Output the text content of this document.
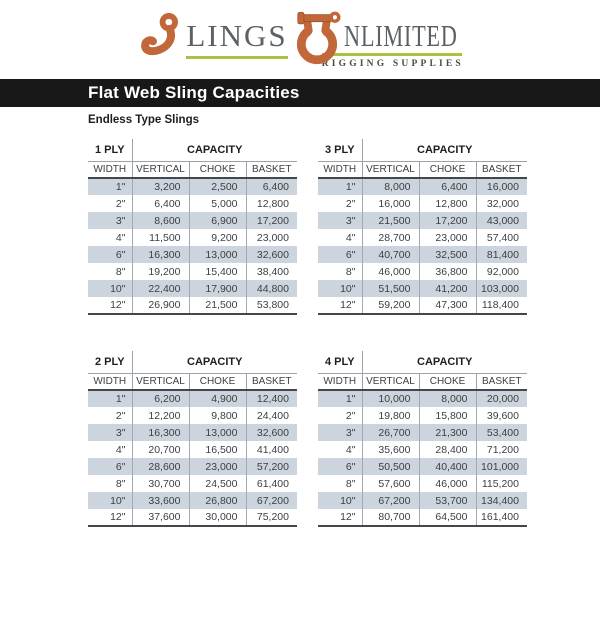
LINGS NLIMITED
RIGGING SUPPLIES
Flat Web Sling Capacities
Endless Type Slings
1 PLY	CAPACITY		
WIDTH	VERTICAL	CHOKE	BASKET
1"	3,200	2,500	6,400
2"	6,400	5,000	12,800
3"	8,600	6,900	17,200
4"	11,500	9,200	23,000
6"	16,300	13,000	32,600
8"	19,200	15,400	38,400
10"	22,400	17,900	44,800
12"	26,900	21,500	53,800
3 PLY	CAPACITY		
WIDTH	VERTICAL	CHOKE	BASKET
1"	8,000	6,400	16,000
2"	16,000	12,800	32,000
3"	21,500	17,200	43,000
4"	28,700	23,000	57,400
6"	40,700	32,500	81,400
8"	46,000	36,800	92,000
10"	51,500	41,200	103,000
12"	59,200	47,300	118,400
2 PLY	CAPACITY		
WIDTH	VERTICAL	CHOKE	BASKET
1"	6,200	4,900	12,400
2"	12,200	9,800	24,400
3"	16,300	13,000	32,600
4"	20,700	16,500	41,400
6"	28,600	23,000	57,200
8"	30,700	24,500	61,400
10"	33,600	26,800	67,200
12"	37,600	30,000	75,200
4 PLY	CAPACITY		
WIDTH	VERTICAL	CHOKE	BASKET
1"	10,000	8,000	20,000
2"	19,800	15,800	39,600
3"	26,700	21,300	53,400
4"	35,600	28,400	71,200
6"	50,500	40,400	101,000
8"	57,600	46,000	115,200
10"	67,200	53,700	134,400
12"	80,700	64,500	161,400
